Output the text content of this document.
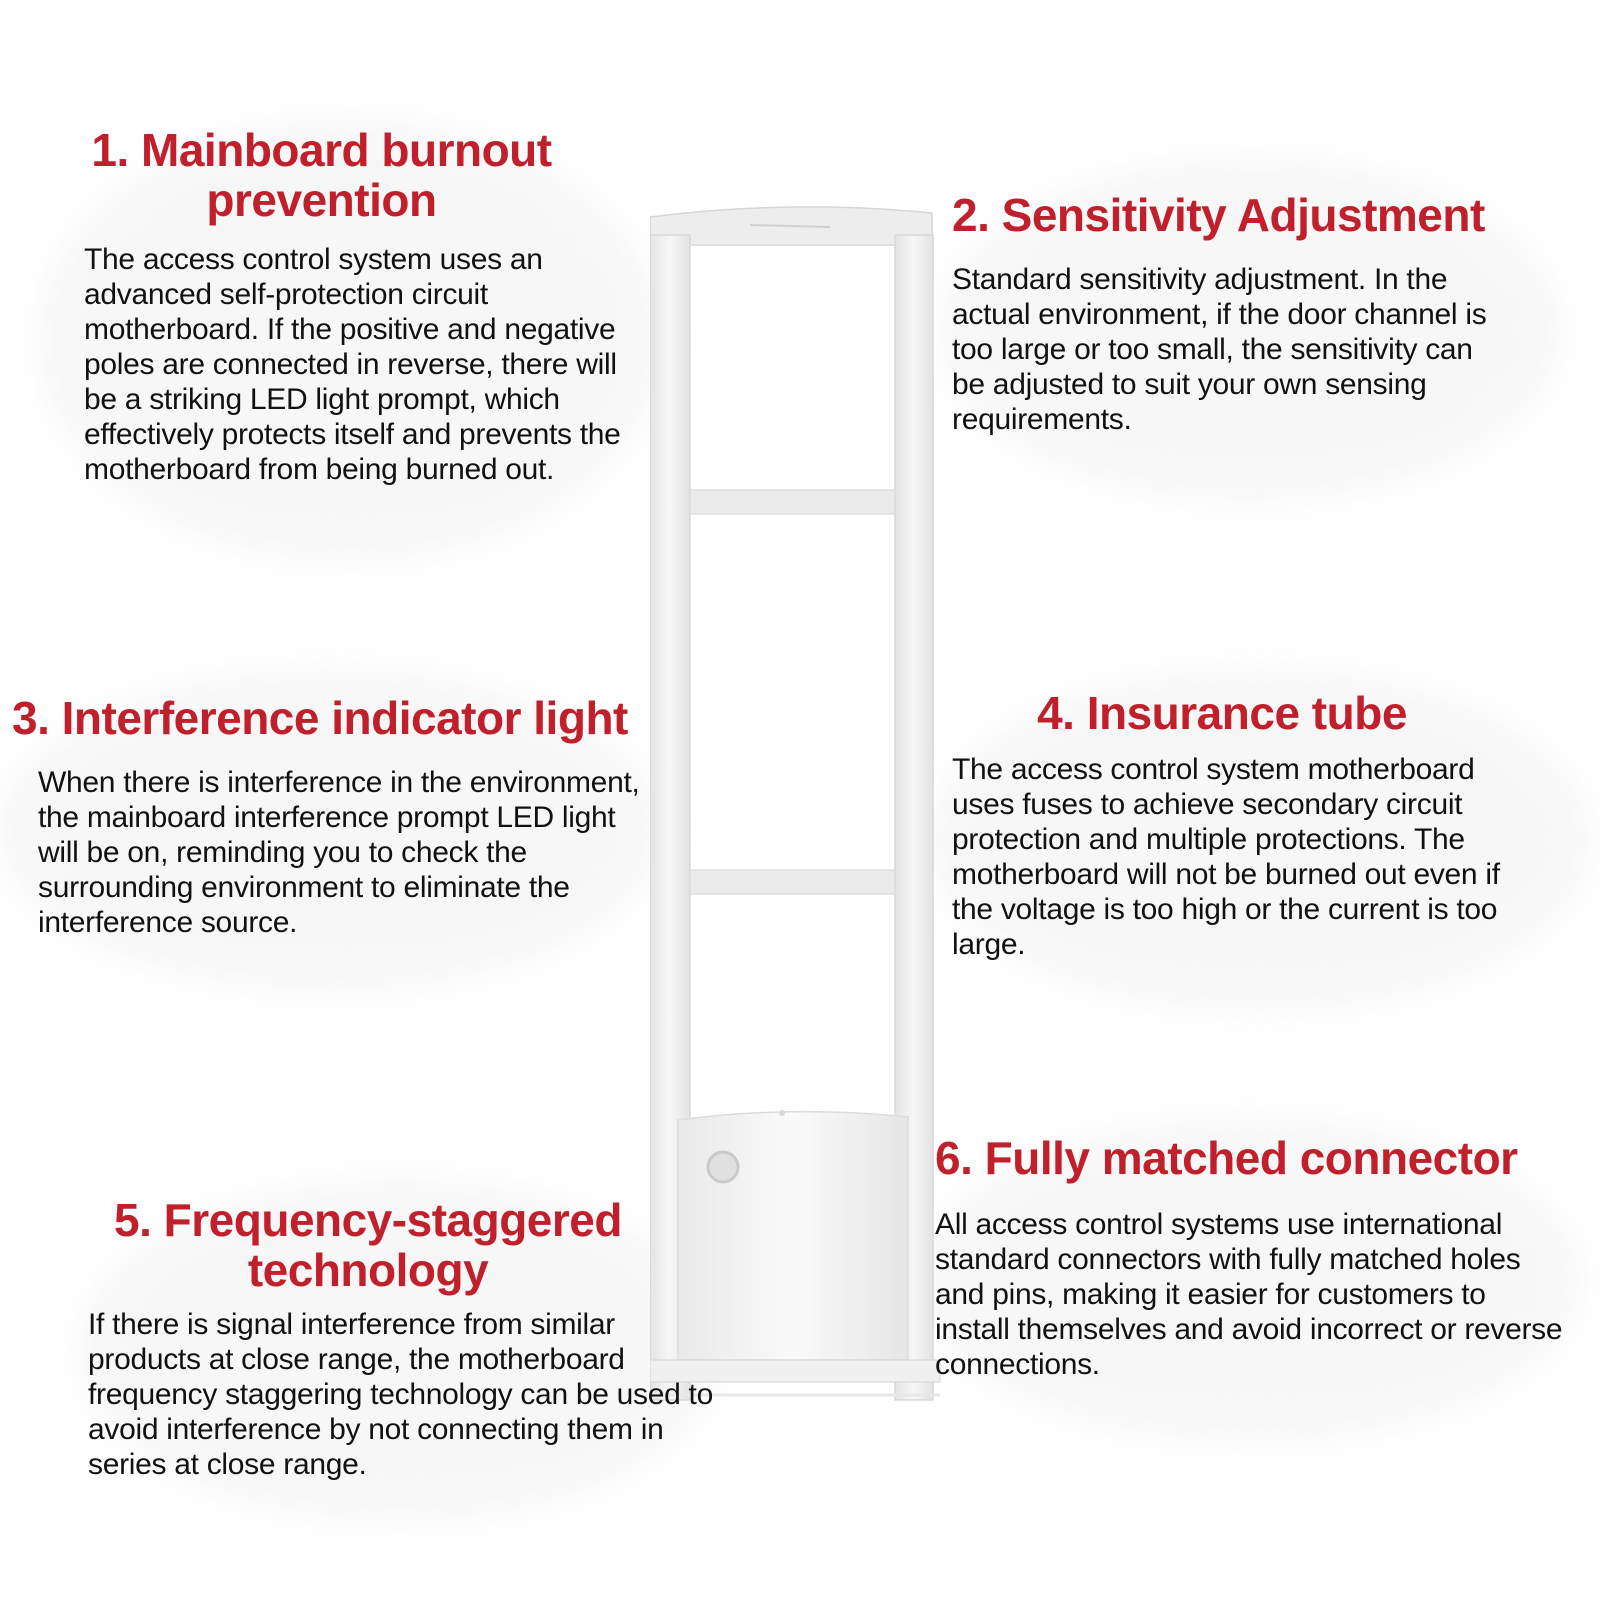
1. Mainboard burnout prevention

The access control system uses an advanced self-protection circuit motherboard. If the positive and negative poles are connected in reverse, there will be a striking LED light prompt, which effectively protects itself and prevents the motherboard from being burned out.

2. Sensitivity Adjustment

Standard sensitivity adjustment. In the actual environment, if the door channel is too large or too small, the sensitivity can be adjusted to suit your own sensing requirements.

3. Interference indicator light

When there is interference in the environment, the mainboard interference prompt LED light will be on, reminding you to check the surrounding environment to eliminate the interference source.

4. Insurance tube

The access control system motherboard uses fuses to achieve secondary circuit protection and multiple protections. The motherboard will not be burned out even if the voltage is too high or the current is too large.

5. Frequency-staggered technology

If there is signal interference from similar products at close range, the motherboard frequency staggering technology can be used to avoid interference by not connecting them in series at close range.

6. Fully matched connector

All access control systems use international standard connectors with fully matched holes and pins, making it easier for customers to install themselves and avoid incorrect or reverse connections.
